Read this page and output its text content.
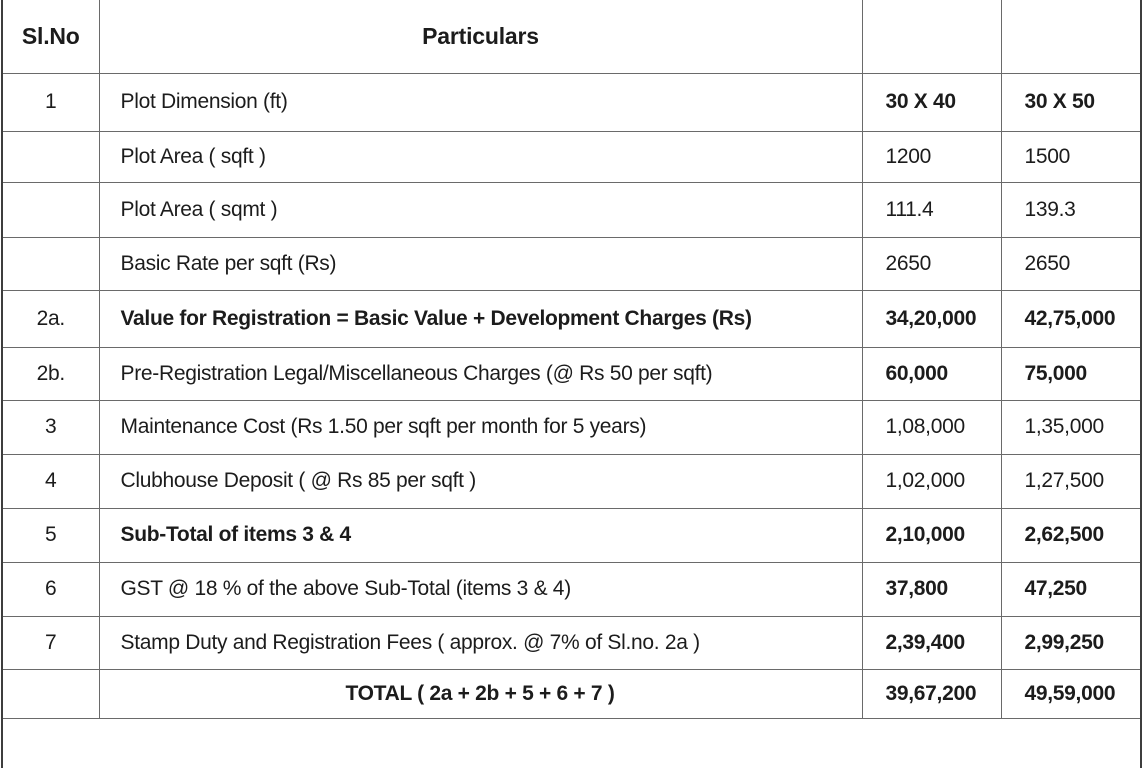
Sl.No	Particulars		
1	Plot Dimension (ft)	30 X 40	30 X 50
	Plot Area ( sqft )	1200	1500
	Plot Area ( sqmt )	111.4	139.3
	Basic Rate per sqft (Rs)	2650	2650
2a.	Value for Registration = Basic Value + Development Charges (Rs)	34,20,000	42,75,000
2b.	Pre-Registration Legal/Miscellaneous Charges (@ Rs 50 per sqft)	60,000	75,000
3	Maintenance Cost (Rs 1.50 per sqft per month for 5 years)	1,08,000	1,35,000
4	Clubhouse Deposit ( @ Rs 85 per sqft )	1,02,000	1,27,500
5	Sub-Total of items 3 & 4	2,10,000	2,62,500
6	GST @ 18 % of the above Sub-Total (items 3 & 4)	37,800	47,250
7	Stamp Duty and Registration Fees ( approx. @ 7% of Sl.no. 2a )	2,39,400	2,99,250
	TOTAL ( 2a + 2b + 5 + 6 + 7 )	39,67,200	49,59,000
